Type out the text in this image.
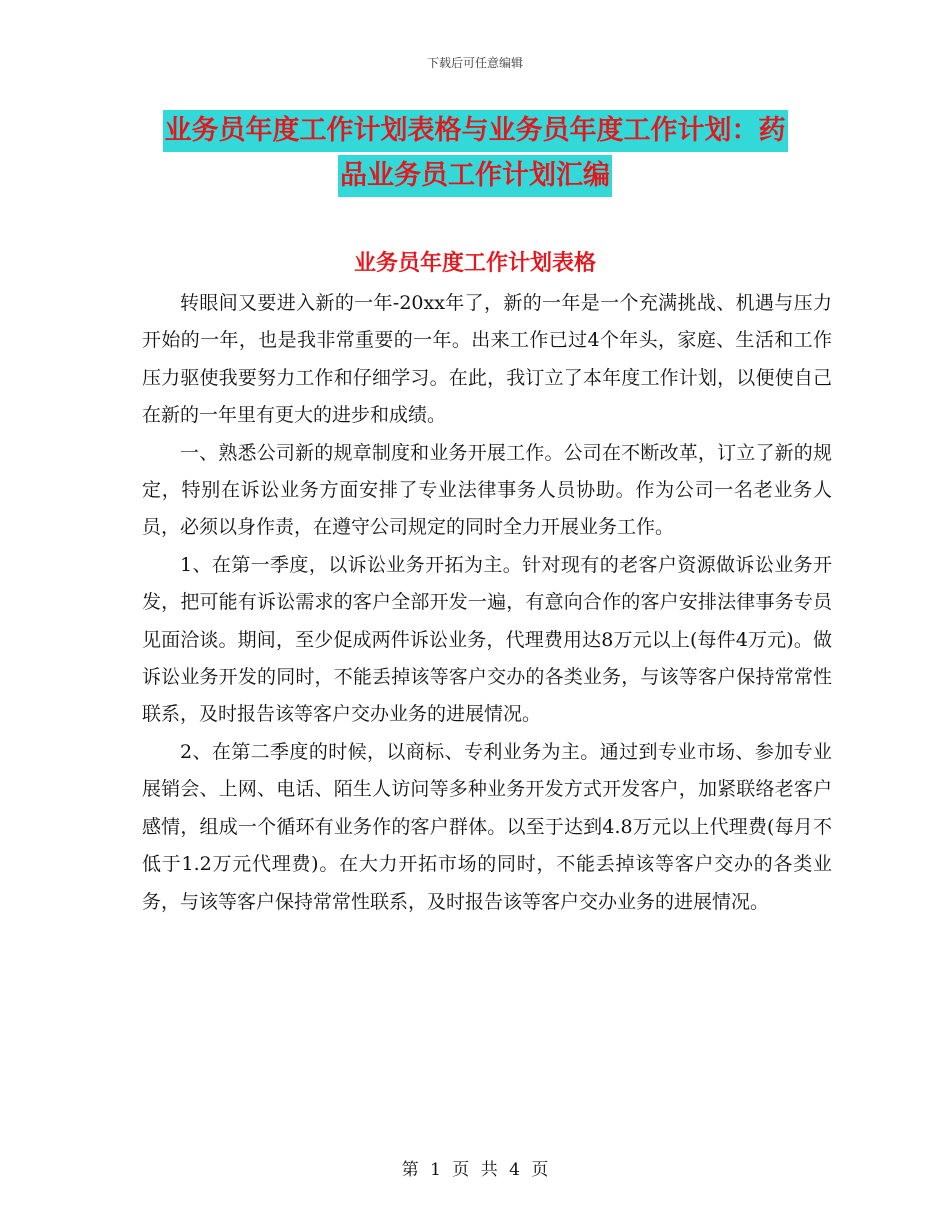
下载后可任意编辑
业务员年度工作计划表格与业务员年度工作计划：药
品业务员工作计划汇编
业务员年度工作计划表格

转眼间又要进入新的一年-20xx年了，新的一年是一个充满挑战、机遇与压力开始的一年，也是我非常重要的一年。出来工作已过4个年头，家庭、生活和工作压力驱使我要努力工作和仔细学习。在此，我订立了本年度工作计划，以便使自己在新的一年里有更大的进步和成绩。

一、熟悉公司新的规章制度和业务开展工作。公司在不断改革，订立了新的规定，特别在诉讼业务方面安排了专业法律事务人员协助。作为公司一名老业务人员，必须以身作责，在遵守公司规定的同时全力开展业务工作。

1、在第一季度，以诉讼业务开拓为主。针对现有的老客户资源做诉讼业务开发，把可能有诉讼需求的客户全部开发一遍，有意向合作的客户安排法律事务专员见面洽谈。期间，至少促成两件诉讼业务，代理费用达8万元以上(每件4万元)。做诉讼业务开发的同时，不能丢掉该等客户交办的各类业务，与该等客户保持常常性联系，及时报告该等客户交办业务的进展情况。

2、在第二季度的时候，以商标、专利业务为主。通过到专业市场、参加专业展销会、上网、电话、陌生人访问等多种业务开发方式开发客户，加紧联络老客户感情，组成一个循环有业务作的客户群体。以至于达到4.8万元以上代理费(每月不低于1.2万元代理费)。在大力开拓市场的同时，不能丢掉该等客户交办的各类业务，与该等客户保持常常性联系，及时报告该等客户交办业务的进展情况。

第 1 页 共 4 页
